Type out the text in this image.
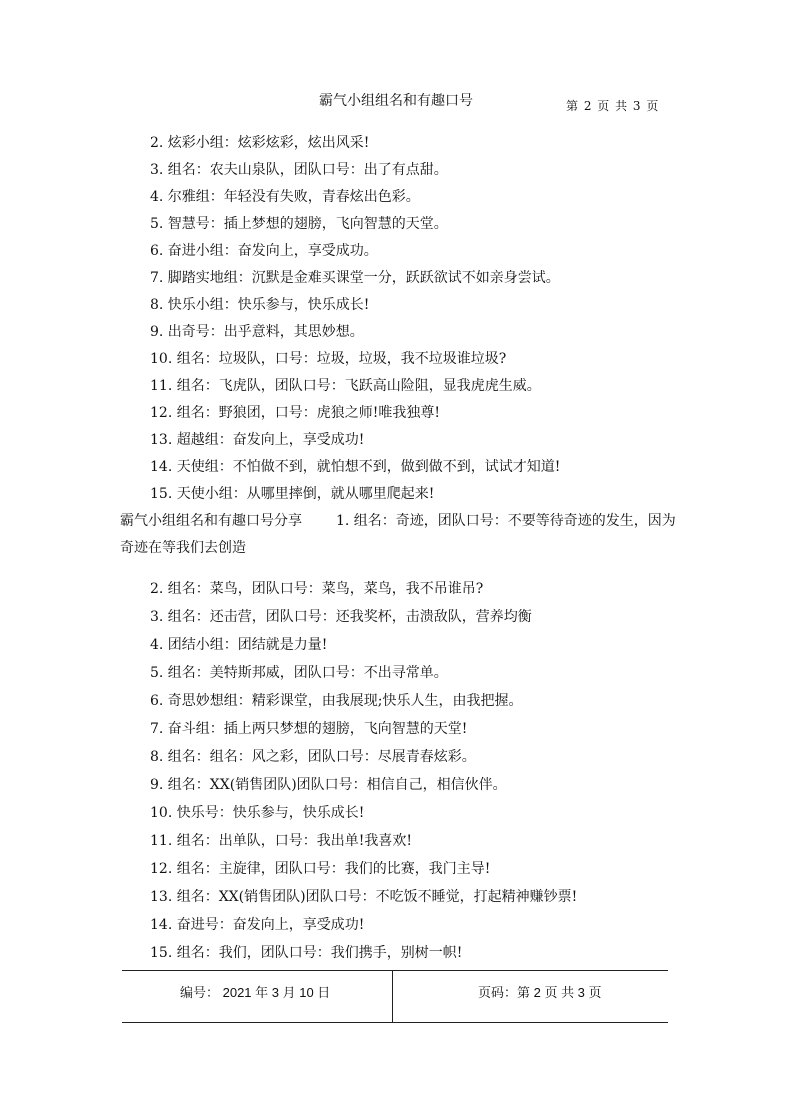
霸气小组组名和有趣口号	第 2 页 共 3 页
2. 炫彩小组：炫彩炫彩，炫出风采!
3. 组名：农夫山泉队，团队口号：出了有点甜。
4. 尔雅组：年轻没有失败，青春炫出色彩。
5. 智慧号：插上梦想的翅膀，飞向智慧的天堂。
6. 奋进小组：奋发向上，享受成功。
7. 脚踏实地组：沉默是金难买课堂一分，跃跃欲试不如亲身尝试。
8. 快乐小组：快乐参与，快乐成长!
9. 出奇号：出乎意料，其思妙想。
10. 组名：垃圾队，口号：垃圾，垃圾，我不垃圾谁垃圾?
11. 组名：飞虎队，团队口号：飞跃高山险阻，显我虎虎生威。
12. 组名：野狼团，口号：虎狼之师!唯我独尊!
13. 超越组：奋发向上，享受成功!
14. 天使组：不怕做不到，就怕想不到，做到做不到，试试才知道!
15. 天使小组：从哪里摔倒，就从哪里爬起来!
霸气小组组名和有趣口号分享 1. 组名：奇迹，团队口号：不要等待奇迹的发生，因为奇迹在等我们去创造
2. 组名：菜鸟，团队口号：菜鸟，菜鸟，我不吊谁吊?
3. 组名：还击营，团队口号：还我奖杯，击溃敌队，营养均衡
4. 团结小组：团结就是力量!
5. 组名：美特斯邦威，团队口号：不出寻常单。
6. 奇思妙想组：精彩课堂，由我展现;快乐人生，由我把握。
7. 奋斗组：插上两只梦想的翅膀，飞向智慧的天堂!
8. 组名：组名：风之彩，团队口号：尽展青春炫彩。
9. 组名：XX(销售团队)团队口号：相信自己，相信伙伴。
10. 快乐号：快乐参与，快乐成长!
11. 组名：出单队，口号：我出单!我喜欢!
12. 组名：主旋律，团队口号：我们的比赛，我门主导!
13. 组名：XX(销售团队)团队口号：不吃饭不睡觉，打起精神赚钞票!
14. 奋进号：奋发向上，享受成功!
15. 组名：我们，团队口号：我们携手，别树一帜!
编号： 2021 年 3 月 10 日	页码：第 2 页 共 3 页
